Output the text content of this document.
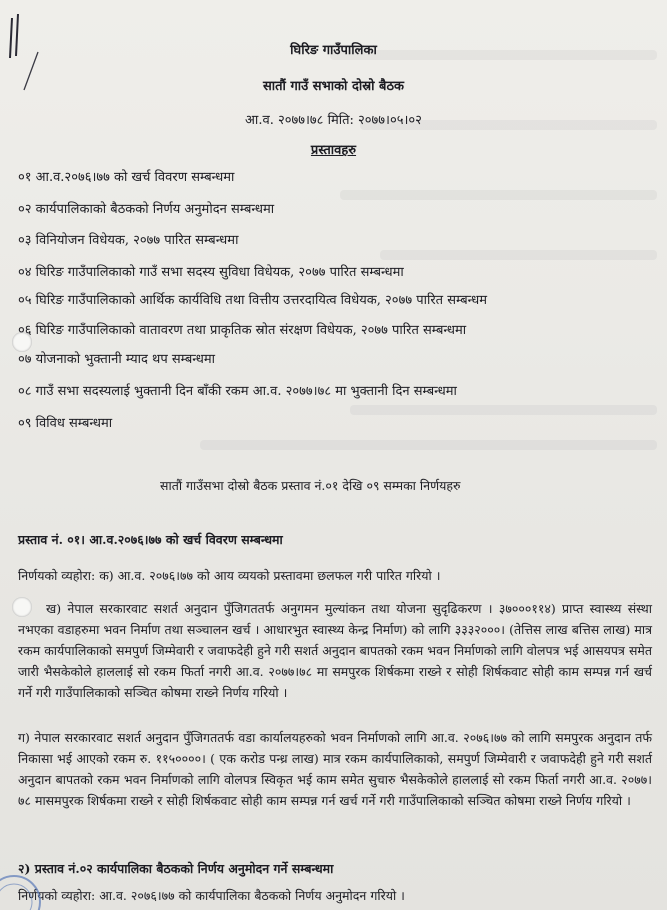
घिरिङ गाउँपालिका
सातौं गाउँ सभाको दोस्रो बैठक
आ.व. २०७७।७८ मिति: २०७७।०५।०२
प्रस्तावहरु
०१ आ.व.२०७६।७७ को खर्च विवरण सम्बन्धमा
०२ कार्यपालिकाको बैठकको निर्णय अनुमोदन सम्बन्धमा
०३ विनियोजन विधेयक, २०७७ पारित सम्बन्धमा
०४ घिरिङ गाउँपालिकाको गाउँ सभा सदस्य सुविधा विधेयक, २०७७ पारित सम्बन्धमा
०५ घिरिङ गाउँपालिकाको आर्थिक कार्यविधि तथा वित्तीय उत्तरदायित्व विधेयक, २०७७ पारित सम्बन्धम
०६ घिरिङ गाउँपालिकाको वातावरण तथा प्राकृतिक स्रोत संरक्षण विधेयक, २०७७ पारित सम्बन्धमा
०७ योजनाको भुक्तानी म्याद थप सम्बन्धमा
०८ गाउँ सभा सदस्यलाई भुक्तानी दिन बाँकी रकम आ.व. २०७७।७८ मा भुक्तानी दिन सम्बन्धमा
०९ विविध सम्बन्धमा
सातौं गाउँसभा दोस्रो बैठक प्रस्ताव नं.०१ देखि ०९ सम्मका निर्णयहरु
प्रस्ताव नं. ०१। आ.व.२०७६।७७ को खर्च विवरण सम्बन्धमा
निर्णयको व्यहोरा: क) आ.व. २०७६।७७ को आय व्ययको प्रस्तावमा छलफल गरी पारित गरियो ।
ख) नेपाल सरकारवाट सशर्त अनुदान पुँजिगततर्फ अनुगमन मुल्यांकन तथा योजना सुदृढिकरण । ३७०००११४) प्राप्त स्वास्थ्य संस्था नभएका वडाहरुमा भवन निर्माण तथा सञ्चालन खर्च । आधारभुत स्वास्थ्य केन्द्र निर्माण) को लागि ३३३२०००। (तेत्तिस लाख बत्तिस लाख) मात्र रकम कार्यपालिकाको समपुर्ण जिम्मेवारी र जवाफदेही हुने गरी सशर्त अनुदान बापतको रकम भवन निर्माणको लागि वोलपत्र भई आसयपत्र समेत जारी भैसकेकोले हाललाई सो रकम फिर्ता नगरी आ.व. २०७७।७८ मा समपुरक शिर्षकमा राख्ने र सोही शिर्षकवाट सोही काम सम्पन्न गर्न खर्च गर्ने गरी गाउँपालिकाको सञ्चित कोषमा राख्ने निर्णय गरियो ।
ग) नेपाल सरकारवाट सशर्त अनुदान पुँजिगततर्फ वडा कार्यालयहरुको भवन निर्माणको लागि आ.व. २०७६।७७ को लागि समपुरक अनुदान तर्फ निकासा भई आएको रकम रु. ११५००००। ( एक करोड पन्ध्र लाख) मात्र रकम कार्यपालिकाको, समपुर्ण जिम्मेवारी र जवाफदेही हुने गरी सशर्त अनुदान बापतको रकम भवन निर्माणको लागि वोलपत्र स्विकृत भई काम समेत सुचारु भैसकेकोले हाललाई सो रकम फिर्ता नगरी आ.व. २०७७।७८ मासमपुरक शिर्षकमा राख्ने र सोही शिर्षकवाट सोही काम सम्पन्न गर्न खर्च गर्ने गरी गाउँपालिकाको सञ्चित कोषमा राख्ने निर्णय गरियो ।
२) प्रस्ताव नं.०२ कार्यपालिका बैठकको निर्णय अनुमोदन गर्ने सम्बन्धमा
निर्णयको व्यहोरा: आ.व. २०७६।७७ को कार्यपालिका बैठकको निर्णय अनुमोदन गरियो ।
